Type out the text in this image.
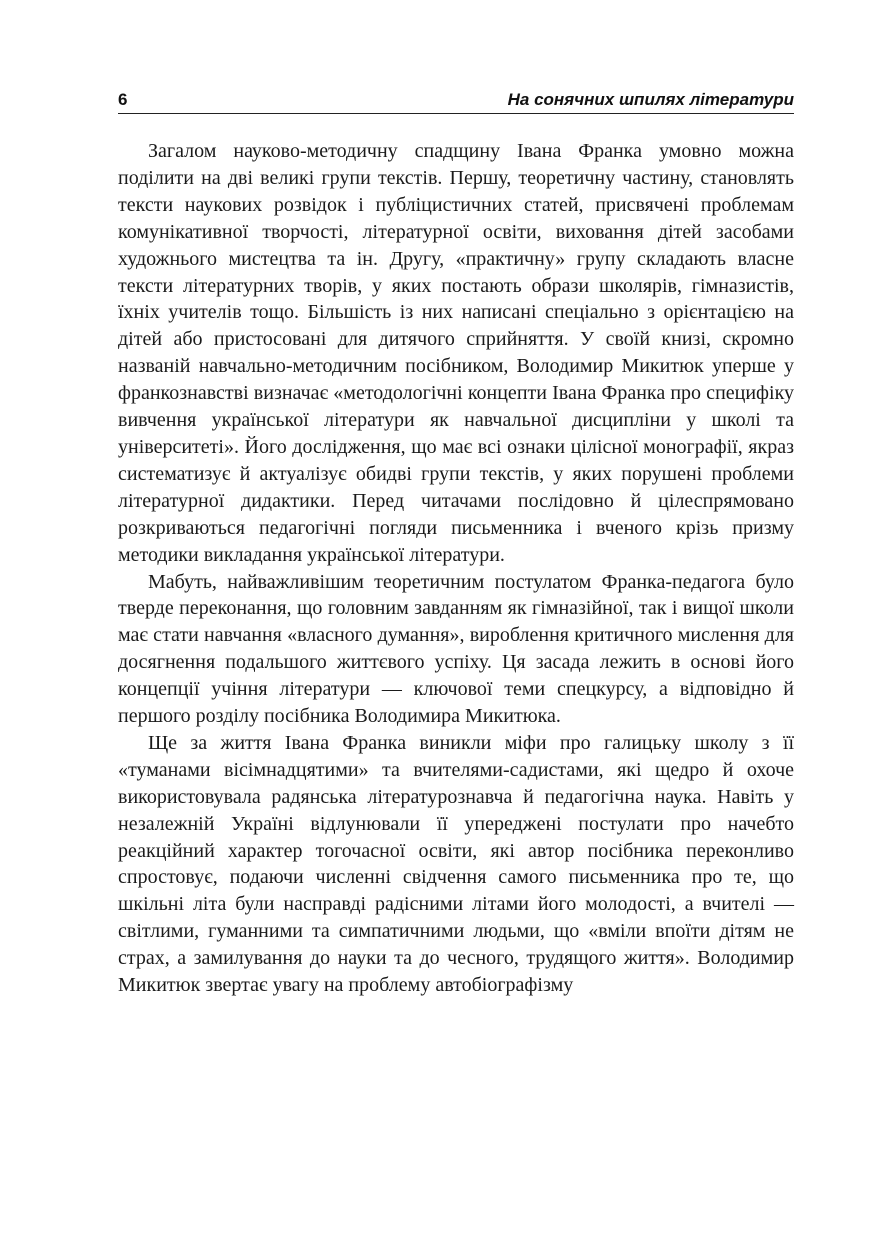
6	На сонячних шпилях літератури

Загалом науково-методичну спадщину Івана Франка умовно можна поділити на дві великі групи текстів. Першу, теоретичну частину, становлять тексти наукових розвідок і публіцистичних статей, присвячені проблемам комунікативної творчості, літературної освіти, виховання дітей засобами художнього мистецтва та ін. Другу, «практичну» групу складають власне тексти літературних творів, у яких постають образи школярів, гімназистів, їхніх учителів тощо. Більшість із них написані спеціально з орієнтацією на дітей або пристосовані для дитячого сприйняття. У своїй книзі, скромно названій навчально-методичним посібником, Володимир Микитюк уперше у франкознавстві визначає «методологічні концепти Івана Франка про специфіку вивчення української літератури як навчальної дисципліни у школі та університеті». Його дослідження, що має всі ознаки цілісної монографії, якраз систематизує й актуалізує обидві групи текстів, у яких порушені проблеми літературної дидактики. Перед читачами послідовно й цілеспрямовано розкриваються педагогічні погляди письменника і вченого крізь призму методики викладання української літератури.

Мабуть, найважливішим теоретичним постулатом Франка-педагога було тверде переконання, що головним завданням як гімназійної, так і вищої школи має стати навчання «власного думання», вироблення критичного мислення для досягнення подальшого життєвого успіху. Ця засада лежить в основі його концепції учіння літератури — ключової теми спецкурсу, а відповідно й першого розділу посібника Володимира Микитюка.

Ще за життя Івана Франка виникли міфи про галицьку школу з її «туманами вісімнадцятими» та вчителями-садистами, які щедро й охоче використовувала радянська літературознавча й педагогічна наука. Навіть у незалежній Україні відлунювали її упереджeні постулати про начебто реакційний характер тогочасної освіти, які автор посібника переконливо спростовує, подаючи численні свідчення самого письменника про те, що шкільні літа були насправді радісними літами його молодості, а вчителі — світлими, гуманними та симпатичними людьми, що «вміли впоїти дітям не страх, а замилування до науки та до чесного, трудящого життя». Володимир Микитюк звертає увагу на проблему автобіографізму
